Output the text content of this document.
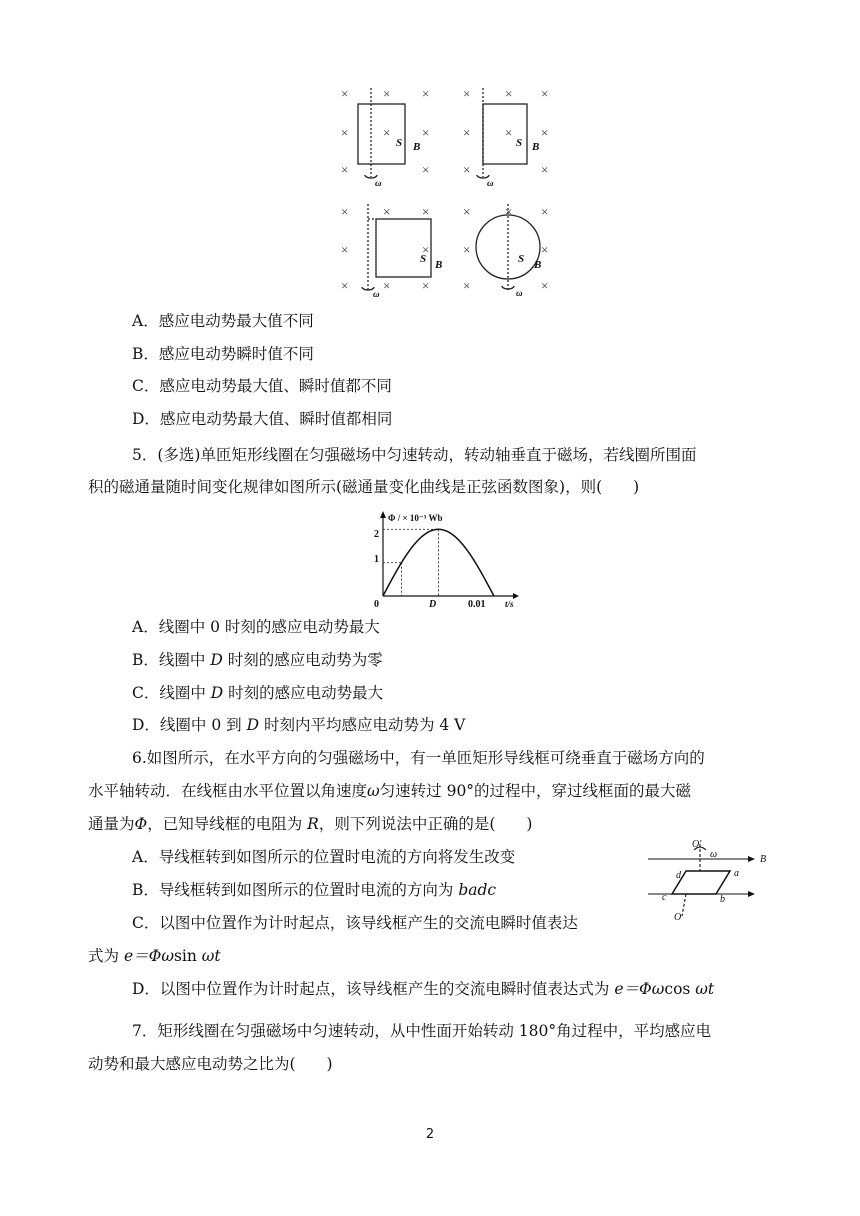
×	× ×
×	× ×
×	×
×	× ×
×	× ×
×	×
×	× ×
×	×
×	× ×
×	× ×
×	×
×	×
S B
ω
S B
ω
S B
ω
S B
ω
A．感应电动势最大值不同
B．感应电动势瞬时值不同
C．感应电动势最大值、瞬时值都不同
D．感应电动势最大值、瞬时值都相同

5．(多选)单匝矩形线圈在匀强磁场中匀速转动，转动轴垂直于磁场，若线圈所围面

积的磁通量随时间变化规律如图所示(磁通量变化曲线是正弦函数图象)，则(　　)

Φ / × 10⁻³ Wb
2
1
0	D	0.01 t/s
A．线圈中 0 时刻的感应电动势最大
B．线圈中 D 时刻的感应电动势为零
C．线圈中 D 时刻的感应电动势最大
D．线圈中 0 到 D 时刻内平均感应电动势为 4 V
6.如图所示，在水平方向的匀强磁场中，有一单匝矩形导线框可绕垂直于磁场方向的
水平轴转动．在线框由水平位置以角速度ω匀速转过 90°的过程中，穿过线框面的最大磁
通量为Φ，已知导线框的电阻为 R，则下列说法中正确的是(　　)
A．导线框转到如图所示的位置时电流的方向将发生改变
B．导线框转到如图所示的位置时电流的方向为 badc
C．以图中位置作为计时起点，该导线框产生的交流电瞬时值表达
式为 e＝Φωsin ωt
D．以图中位置作为计时起点，该导线框产生的交流电瞬时值表达式为 e＝Φωcos ωt
O′
ω	B
a
b
c
d
O
7．矩形线圈在匀强磁场中匀速转动，从中性面开始转动 180°角过程中，平均感应电
动势和最大感应电动势之比为(　　)
2
